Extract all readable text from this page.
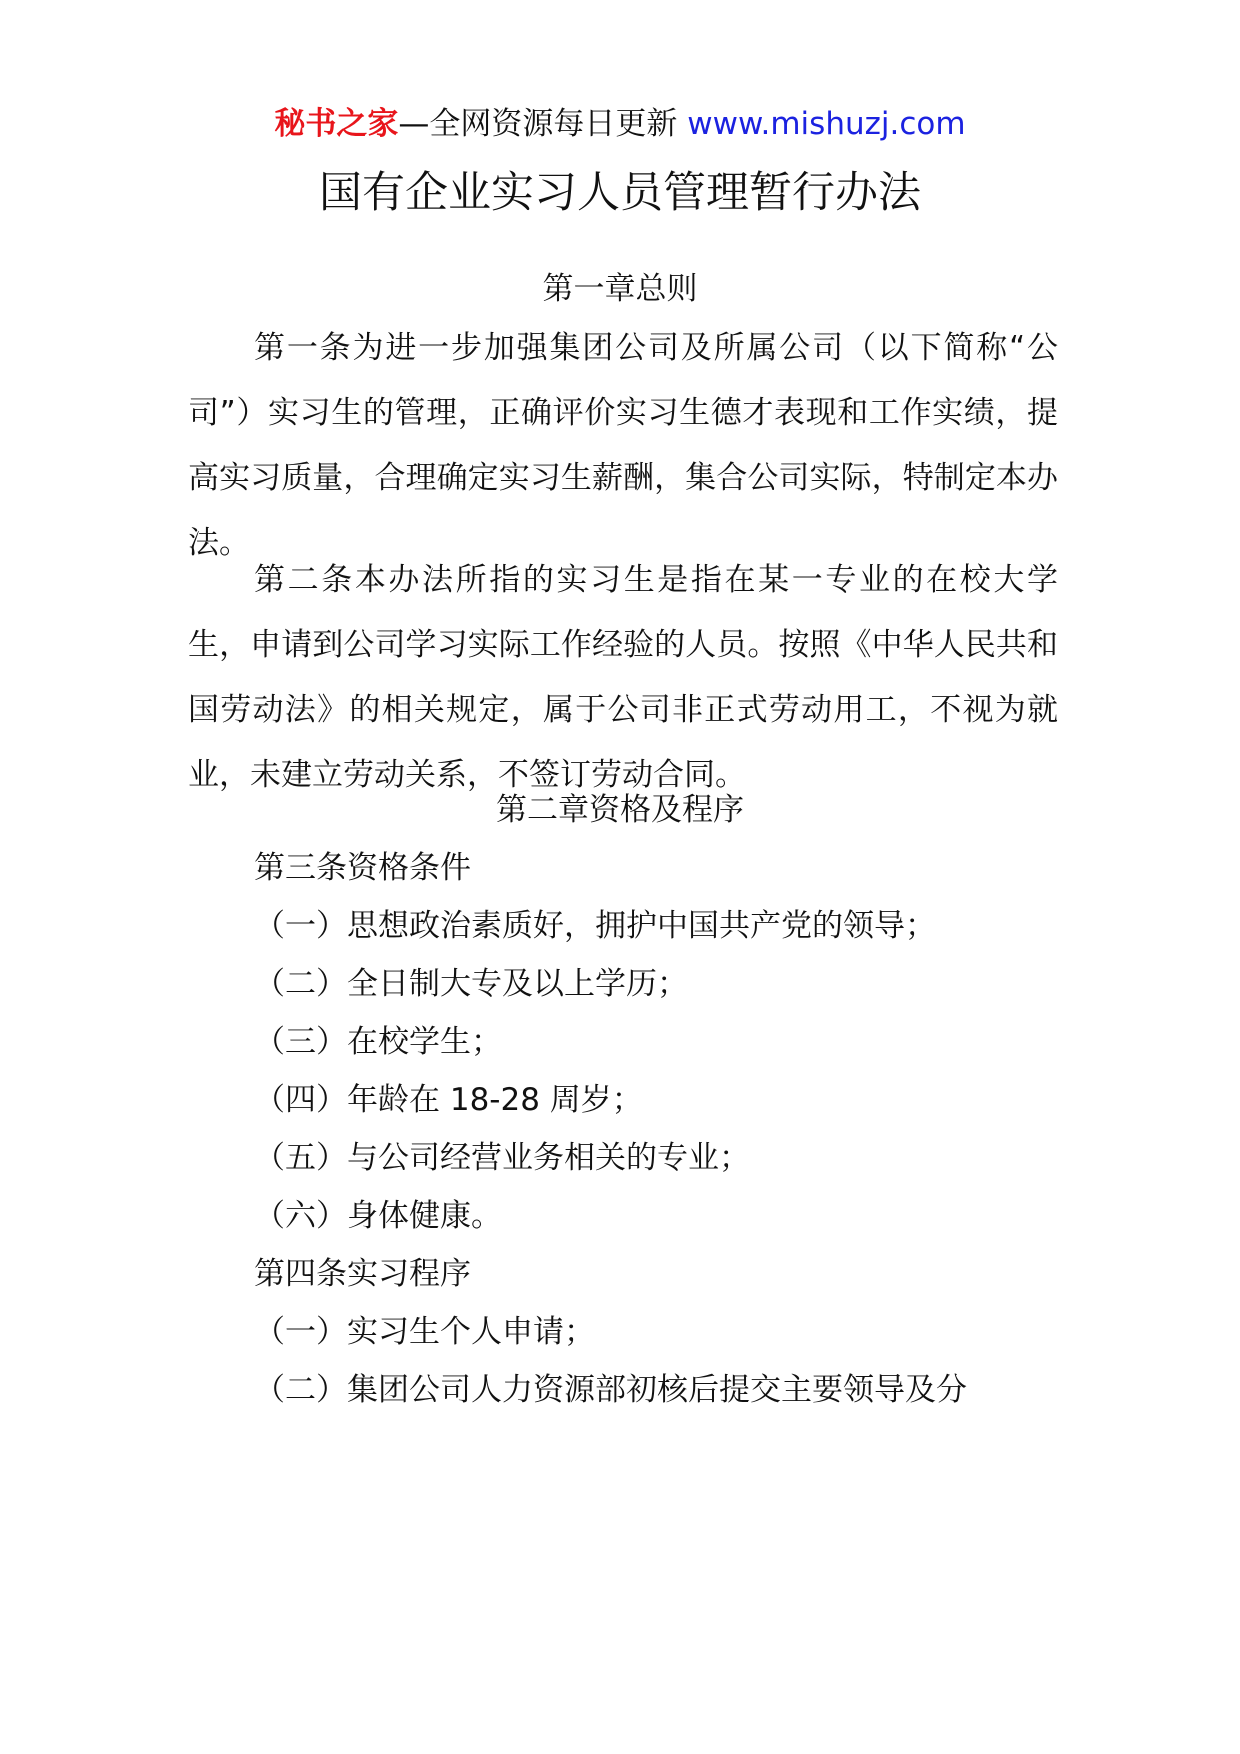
秘书之家—全网资源每日更新 www.mishuzj.com
国有企业实习人员管理暂行办法
第一章总则

第一条为进一步加强集团公司及所属公司（以下简称“公司”）实习生的管理，正确评价实习生德才表现和工作实绩，提高实习质量，合理确定实习生薪酬，集合公司实际，特制定本办法。

第二条本办法所指的实习生是指在某一专业的在校大学生，申请到公司学习实际工作经验的人员。按照《中华人民共和国劳动法》的相关规定，属于公司非正式劳动用工，不视为就业，未建立劳动关系，不签订劳动合同。

第二章资格及程序
第三条资格条件
（一）思想政治素质好，拥护中国共产党的领导；
（二）全日制大专及以上学历；
（三）在校学生；
（四）年龄在 18-28 周岁；
（五）与公司经营业务相关的专业；
（六）身体健康。
第四条实习程序
（一）实习生个人申请；
（二）集团公司人力资源部初核后提交主要领导及分
